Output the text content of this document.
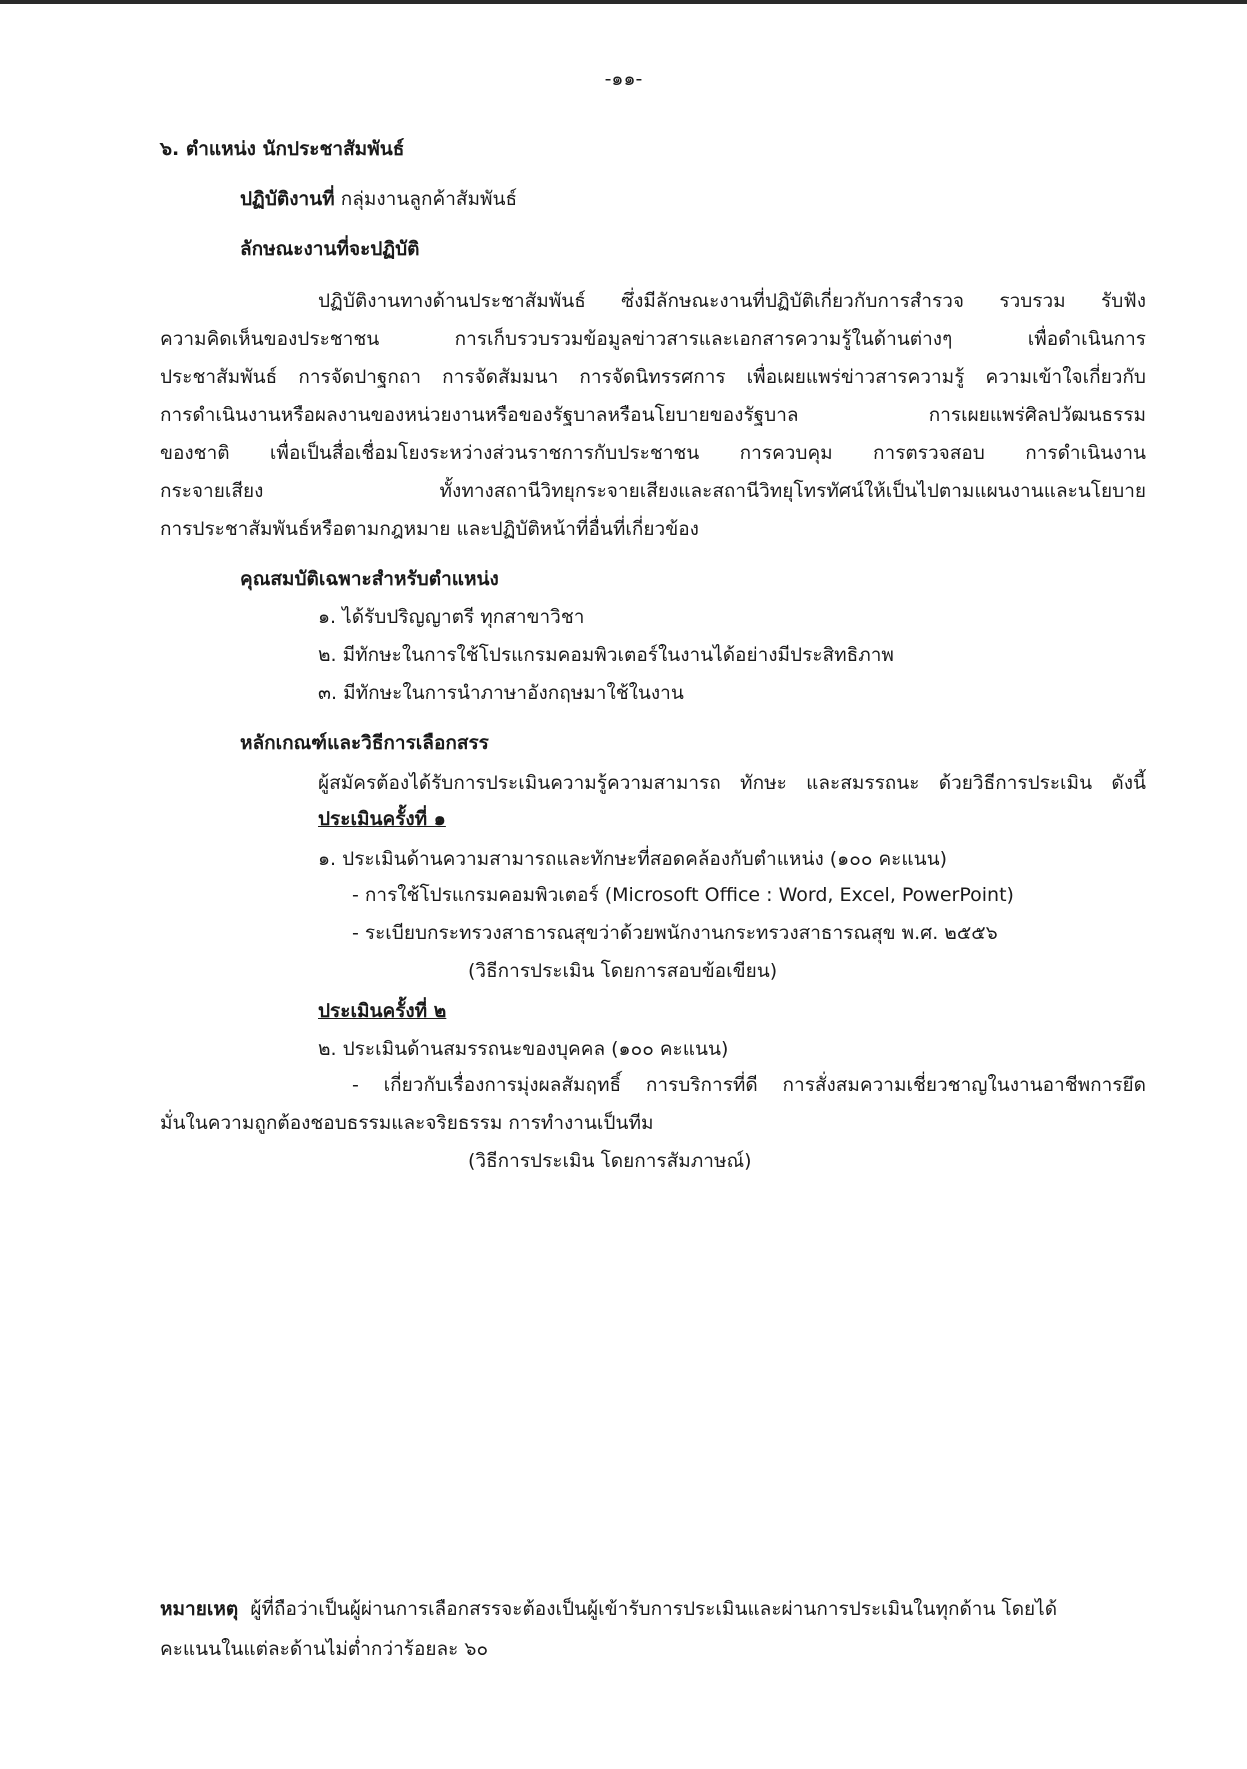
-๑๑-
๖. ตำแหน่ง นักประชาสัมพันธ์
ปฏิบัติงานที่ กลุ่มงานลูกค้าสัมพันธ์
ลักษณะงานที่จะปฏิบัติ
ปฏิบัติงานทางด้านประชาสัมพันธ์ ซึ่งมีลักษณะงานที่ปฏิบัติเกี่ยวกับการสำรวจ รวบรวม รับฟัง
ความคิดเห็นของประชาชน การเก็บรวบรวมข้อมูลข่าวสารและเอกสารความรู้ในด้านต่างๆ เพื่อดำเนินการ
ประชาสัมพันธ์ การจัดปาฐกถา การจัดสัมมนา การจัดนิทรรศการ เพื่อเผยแพร่ข่าวสารความรู้ ความเข้าใจเกี่ยวกับ
การดำเนินงานหรือผลงานของหน่วยงานหรือของรัฐบาลหรือนโยบายของรัฐบาล การเผยแพร่ศิลปวัฒนธรรม
ของชาติ เพื่อเป็นสื่อเชื่อมโยงระหว่างส่วนราชการกับประชาชน การควบคุม การตรวจสอบ การดำเนินงาน
กระจายเสียง ทั้งทางสถานีวิทยุกระจายเสียงและสถานีวิทยุโทรทัศน์ให้เป็นไปตามแผนงานและนโยบาย
การประชาสัมพันธ์หรือตามกฎหมาย และปฏิบัติหน้าที่อื่นที่เกี่ยวข้อง
คุณสมบัติเฉพาะสำหรับตำแหน่ง
๑. ได้รับปริญญาตรี ทุกสาขาวิชา
๒. มีทักษะในการใช้โปรแกรมคอมพิวเตอร์ในงานได้อย่างมีประสิทธิภาพ
๓. มีทักษะในการนำภาษาอังกฤษมาใช้ในงาน
หลักเกณฑ์และวิธีการเลือกสรร
ผู้สมัครต้องได้รับการประเมินความรู้ความสามารถ ทักษะ และสมรรถนะ ด้วยวิธีการประเมิน ดังนี้
ประเมินครั้งที่ ๑
๑. ประเมินด้านความสามารถและทักษะที่สอดคล้องกับตำแหน่ง (๑๐๐ คะแนน)
- การใช้โปรแกรมคอมพิวเตอร์ (Microsoft Office : Word, Excel, PowerPoint)
- ระเบียบกระทรวงสาธารณสุขว่าด้วยพนักงานกระทรวงสาธารณสุข พ.ศ. ๒๕๕๖
(วิธีการประเมิน โดยการสอบข้อเขียน)
ประเมินครั้งที่ ๒
๒. ประเมินด้านสมรรถนะของบุคคล (๑๐๐ คะแนน)
- เกี่ยวกับเรื่องการมุ่งผลสัมฤทธิ์ การบริการที่ดี การสั่งสมความเชี่ยวชาญในงานอาชีพการยึด
มั่นในความถูกต้องชอบธรรมและจริยธรรม การทำงานเป็นทีม
(วิธีการประเมิน โดยการสัมภาษณ์)
หมายเหตุ ผู้ที่ถือว่าเป็นผู้ผ่านการเลือกสรรจะต้องเป็นผู้เข้ารับการประเมินและผ่านการประเมินในทุกด้าน โดยได้
คะแนนในแต่ละด้านไม่ต่ำกว่าร้อยละ ๖๐
